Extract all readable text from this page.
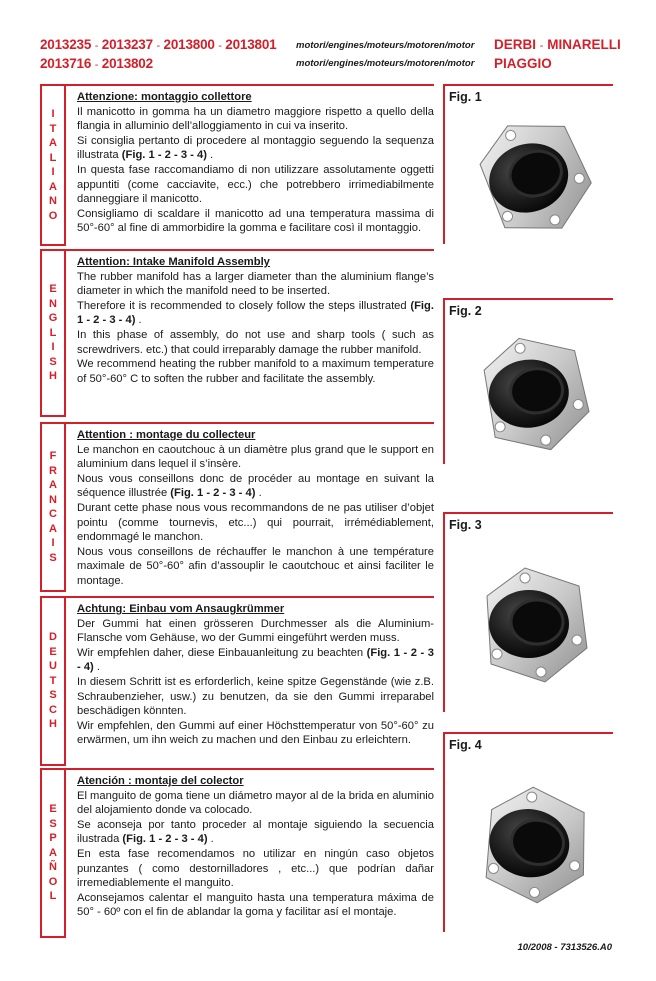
2013235 - 2013237 - 2013800 - 2013801
2013716 - 2013802
motori/engines/moteurs/motoren/motor
motori/engines/moteurs/motoren/motor
DERBI - MINARELLI
PIAGGIO
I
T
A
L
I
A
N
O
Attenzione: montaggio collettore

Il manicotto in gomma ha un diametro maggiore rispetto a quello della flangia in alluminio dell’alloggiamento in cui va inserito.

Si consiglia pertanto di procedere al montaggio seguendo la sequenza illustrata (Fig. 1 - 2 - 3 - 4) .

In questa fase raccomandiamo di non utilizzare assolutamente oggetti appuntiti (come cacciavite, ecc.) che potrebbero irrimediabilmente danneggiare il manicotto.

Consigliamo di scaldare il manicotto ad una temperatura massima di 50°-60° al fine di ammorbidire la gomma e facilitare così il montaggio.

E
N
G
L
I
S
H
Attention: Intake Manifold Assembly

The rubber manifold has a larger diameter than the aluminium flange’s diameter in which the manifold need to be inserted.

Therefore it is recommended to closely follow the steps illustrated (Fig. 1 - 2 - 3 - 4) .

In this phase of assembly, do not use and sharp tools ( such as screwdrivers. etc.) that could irreparably damage the rubber manifold.

We recommend heating the rubber manifold to a maximum temperature of 50°-60° C to soften the rubber and facilitate the assembly.

F
R
A
N
C
A
I
S
Attention : montage du collecteur

Le manchon en caoutchouc à un diamètre plus grand que le support en aluminium dans lequel il s’insère.

Nous vous conseillons donc de procéder au montage en suivant la séquence illustrée (Fig. 1 - 2 - 3 - 4) .

Durant cette phase nous vous recommandons de ne pas utiliser d’objet pointu (comme tournevis, etc...) qui pourrait, irrémédiablement, endommagé le manchon.

Nous vous conseillons de réchauffer le manchon à une température maximale de 50°-60° afin d’assouplir le caoutchouc et ainsi faciliter le montage.

D
E
U
T
S
C
H
Achtung: Einbau vom Ansaugkrümmer

Der Gummi hat einen grösseren Durchmesser als die Aluminium-Flansche vom Gehäuse, wo der Gummi eingeführt werden muss.

Wir empfehlen daher, diese Einbauanleitung zu beachten (Fig. 1 - 2 - 3 - 4) .

In diesem Schritt ist es erforderlich, keine spitze Gegenstände (wie z.B. Schraubenzieher, usw.) zu benutzen, da sie den Gummi irreparabel beschädigen könnten.

Wir empfehlen, den Gummi auf einer Höchsttemperatur von 50°-60° zu erwärmen, um ihn weich zu machen und den Einbau zu erleichtern.

E
S
P
A
Ñ
O
L
Atención : montaje del colector

El manguito de goma tiene un diámetro mayor al de la brida en aluminio del alojamiento donde va colocado.

Se aconseja por tanto proceder al montaje siguiendo la secuencia ilustrada (Fig. 1 - 2 - 3 - 4) .

En esta fase recomendamos no utilizar en ningún caso objetos punzantes ( como destornilladores , etc...) que podrían dañar irremediablemente el manguito.

Aconsejamos calentar el manguito hasta una temperatura máxima de 50° - 60º con el fin de ablandar la goma y facilitar así el montaje.

Fig. 1
Fig. 2
Fig. 3
Fig. 4
10/2008 - 7313526.A0
